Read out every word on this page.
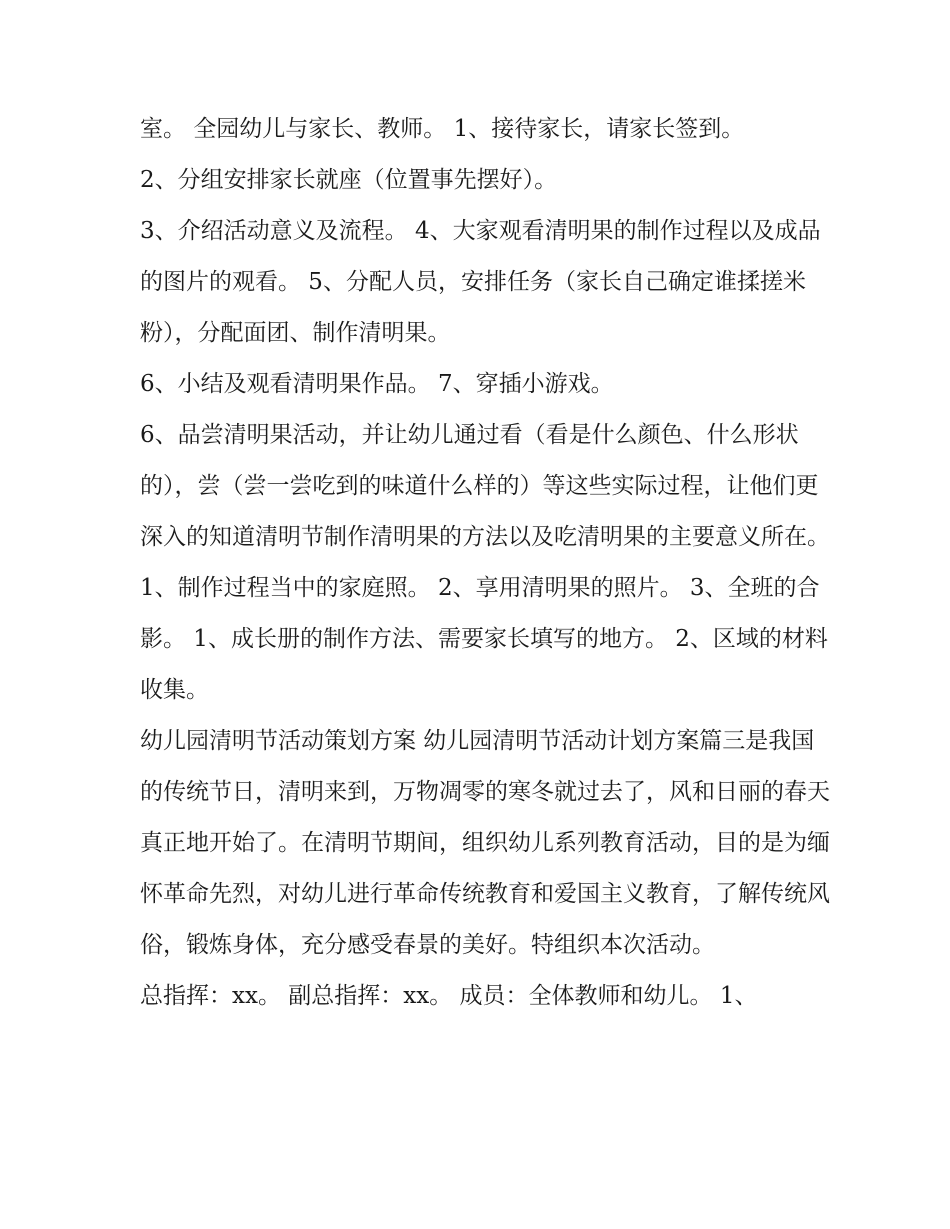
室。 全园幼儿与家长、教师。 1、接待家长，请家长签到。

2、分组安排家长就座（位置事先摆好）。

3、介绍活动意义及流程。 4、大家观看清明果的制作过程以及成品的图片的观看。 5、分配人员，安排任务（家长自己确定谁揉搓米粉），分配面团、制作清明果。

6、小结及观看清明果作品。 7、穿插小游戏。

6、品尝清明果活动，并让幼儿通过看（看是什么颜色、什么形状的），尝（尝一尝吃到的味道什么样的）等这些实际过程，让他们更深入的知道清明节制作清明果的方法以及吃清明果的主要意义所在。

1、制作过程当中的家庭照。 2、享用清明果的照片。 3、全班的合影。 1、成长册的制作方法、需要家长填写的地方。 2、区域的材料收集。

幼儿园清明节活动策划方案 幼儿园清明节活动计划方案篇三是我国的传统节日，清明来到，万物凋零的寒冬就过去了，风和日丽的春天真正地开始了。在清明节期间，组织幼儿系列教育活动，目的是为缅怀革命先烈，对幼儿进行革命传统教育和爱国主义教育，了解传统风俗，锻炼身体，充分感受春景的美好。特组织本次活动。

总指挥：xx。 副总指挥：xx。 成员：全体教师和幼儿。 1、
